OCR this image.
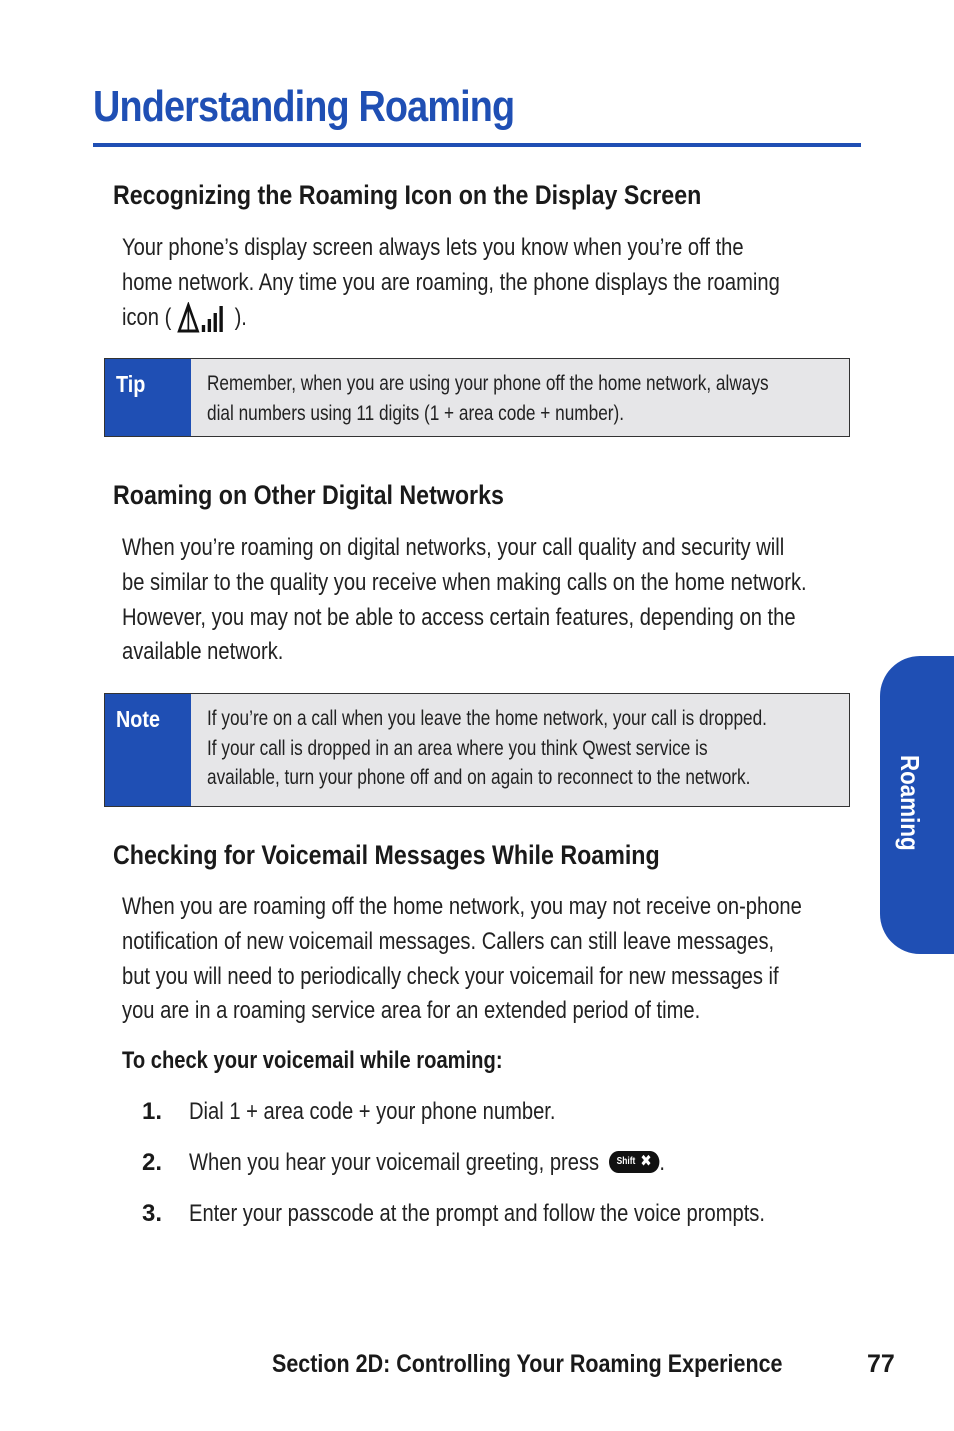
Understanding Roaming
Recognizing the Roaming Icon on the Display Screen
Your phone’s display screen always lets you know when you’re off the
home network. Any time you are roaming, the phone displays the roaming
icon (	).
Tip	Remember, when you are using your phone off the home network, always
dial numbers using 11 digits (1 + area code + number).
Roaming on Other Digital Networks
When you’re roaming on digital networks, your call quality and security will
be similar to the quality you receive when making calls on the home network.
However, you may not be able to access certain features, depending on the
available network.
Note	If you’re on a call when you leave the home network, your call is dropped.
If your call is dropped in an area where you think Qwest service is
available, turn your phone off and on again to reconnect to the network.
Checking for Voicemail Messages While Roaming
When you are roaming off the home network, you may not receive on-phone
notification of new voicemail messages. Callers can still leave messages,
but you will need to periodically check your voicemail for new messages if
you are in a roaming service area for an extended period of time.
To check your voicemail while roaming:
1. Dial 1 + area code + your phone number.
2. When you hear your voicemail greeting, press Shift ✖ .
3. Enter your passcode at the prompt and follow the voice prompts.
Roaming
Section 2D: Controlling Your Roaming Experience	77
